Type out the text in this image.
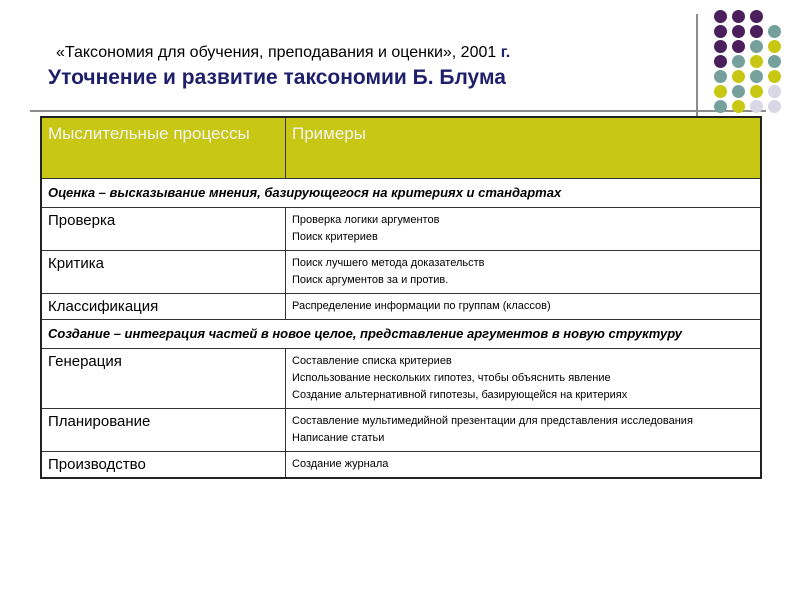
«Таксономия для обучения, преподавания и оценки», 2001 г.
Уточнение и развитие таксономии Б. Блума
Мыслительные процессы	Примеры
Оценка – высказывание мнения, базирующегося на критериях и стандартах	
Проверка	Проверка логики аргументов
Поиск критериев

Критика	Поиск лучшего метода доказательств
Поиск аргументов за и против.

Классификация	Распределение информации по группам (классов)

Создание – интеграция частей в новое целое, представление аргументов в новую структуру	
Генерация	Составление списка критериев
Использование нескольких гипотез, чтобы объяснить явление
Создание альтернативной гипотезы, базирующейся на критериях

Планирование	Составление мультимедийной презентации для представления исследования
Написание статьи

Производство	Создание журнала
